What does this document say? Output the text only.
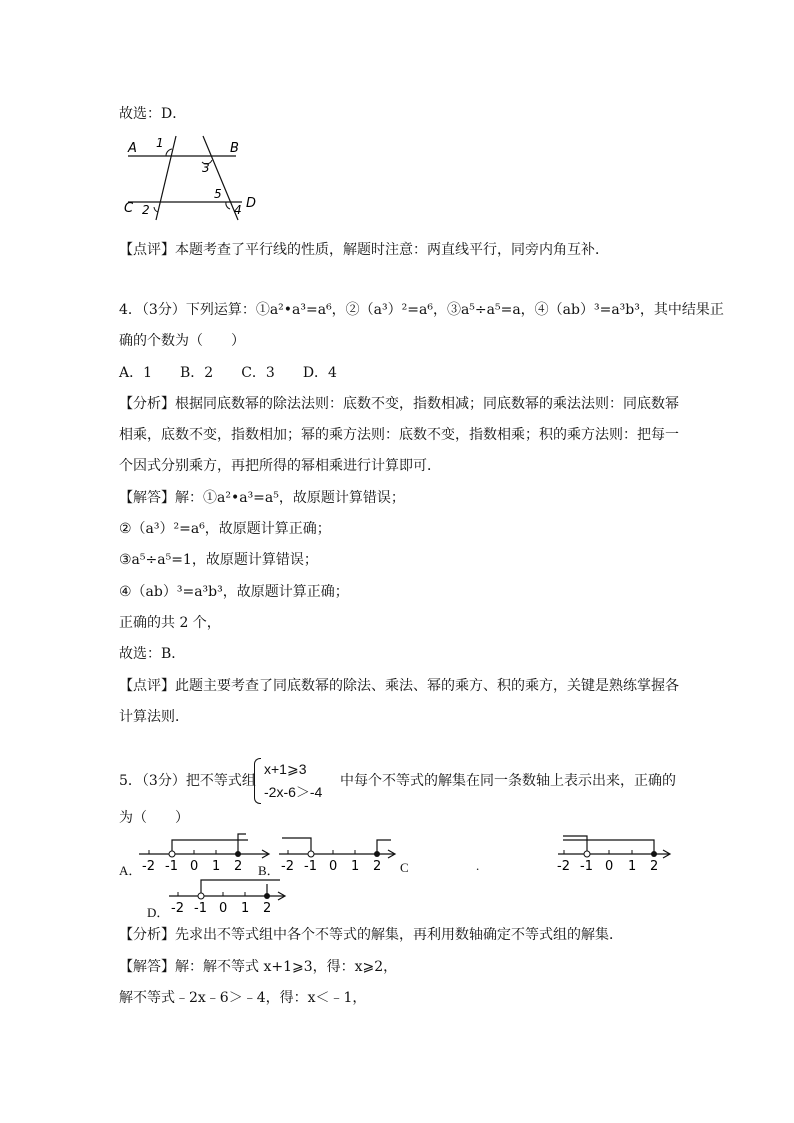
故选：D．
A	B
C	D
1
2
3
4
5
【点评】本题考查了平行线的性质，解题时注意：两直线平行，同旁内角互补．
4．（3分）下列运算：①a²•a³=a⁶，②（a³）²=a⁶，③a⁵÷a⁵=a，④（ab）³=a³b³，其中结果正
确的个数为（　　）
A．1　　B．2　　C．3　　D．4
【分析】根据同底数幂的除法法则：底数不变，指数相减；同底数幂的乘法法则：同底数幂
相乘，底数不变，指数相加；幂的乘方法则：底数不变，指数相乘；积的乘方法则：把每一
个因式分别乘方，再把所得的幂相乘进行计算即可．
【解答】解：①a²•a³=a⁵，故原题计算错误；
②（a³）²=a⁶，故原题计算正确；
③a⁵÷a⁵=1，故原题计算错误；
④（ab）³=a³b³，故原题计算正确；
正确的共 2 个，
故选：B．
【点评】此题主要考查了同底数幂的除法、乘法、幂的乘方、积的乘方，关键是熟练掌握各
计算法则．
5．（3分）把不等式组
x+1⩾3
-2x-6＞-4
中每个不等式的解集在同一条数轴上表示出来，正确的
为（　　）
-2 -1 0 1 2
A．	-2 -1 0 1 2
B．	C	.	-2 -1 0 1 2
-2 -1 0 1 2
D．
【分析】先求出不等式组中各个不等式的解集，再利用数轴确定不等式组的解集．
【解答】解：解不等式 x+1⩾3，得：x⩾2，
解不等式﹣2x﹣6＞﹣4，得：x＜﹣1，
